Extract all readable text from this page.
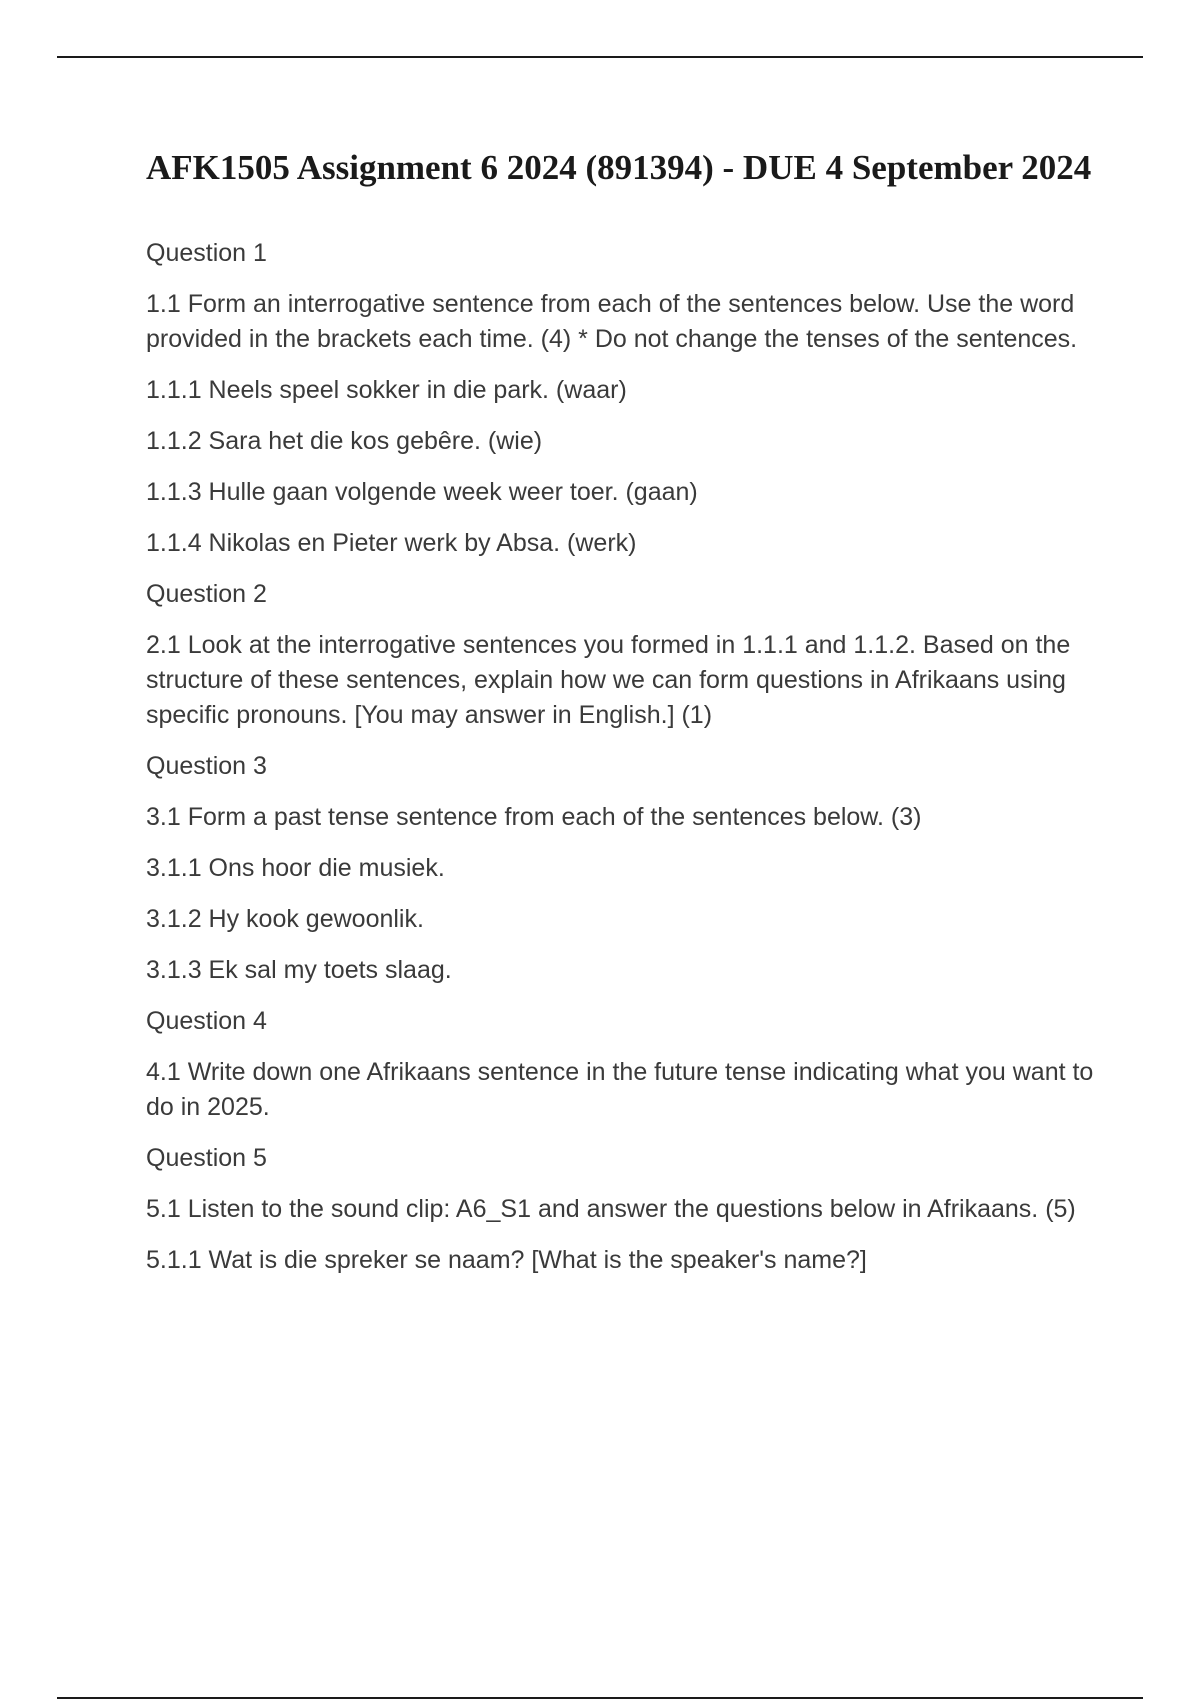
AFK1505 Assignment 6 2024 (891394) - DUE 4 September 2024

Question 1

1.1 Form an interrogative sentence from each of the sentences below. Use the word provided in the brackets each time. (4) * Do not change the tenses of the sentences.

1.1.1 Neels speel sokker in die park. (waar)

1.1.2 Sara het die kos gebêre. (wie)

1.1.3 Hulle gaan volgende week weer toer. (gaan)

1.1.4 Nikolas en Pieter werk by Absa. (werk)

Question 2

2.1 Look at the interrogative sentences you formed in 1.1.1 and 1.1.2. Based on the structure of these sentences, explain how we can form questions in Afrikaans using specific pronouns. [You may answer in English.] (1)

Question 3

3.1 Form a past tense sentence from each of the sentences below. (3)

3.1.1 Ons hoor die musiek.

3.1.2 Hy kook gewoonlik.

3.1.3 Ek sal my toets slaag.

Question 4

4.1 Write down one Afrikaans sentence in the future tense indicating what you want to do in 2025.

Question 5

5.1 Listen to the sound clip: A6_S1 and answer the questions below in Afrikaans. (5)

5.1.1 Wat is die spreker se naam? [What is the speaker's name?]
